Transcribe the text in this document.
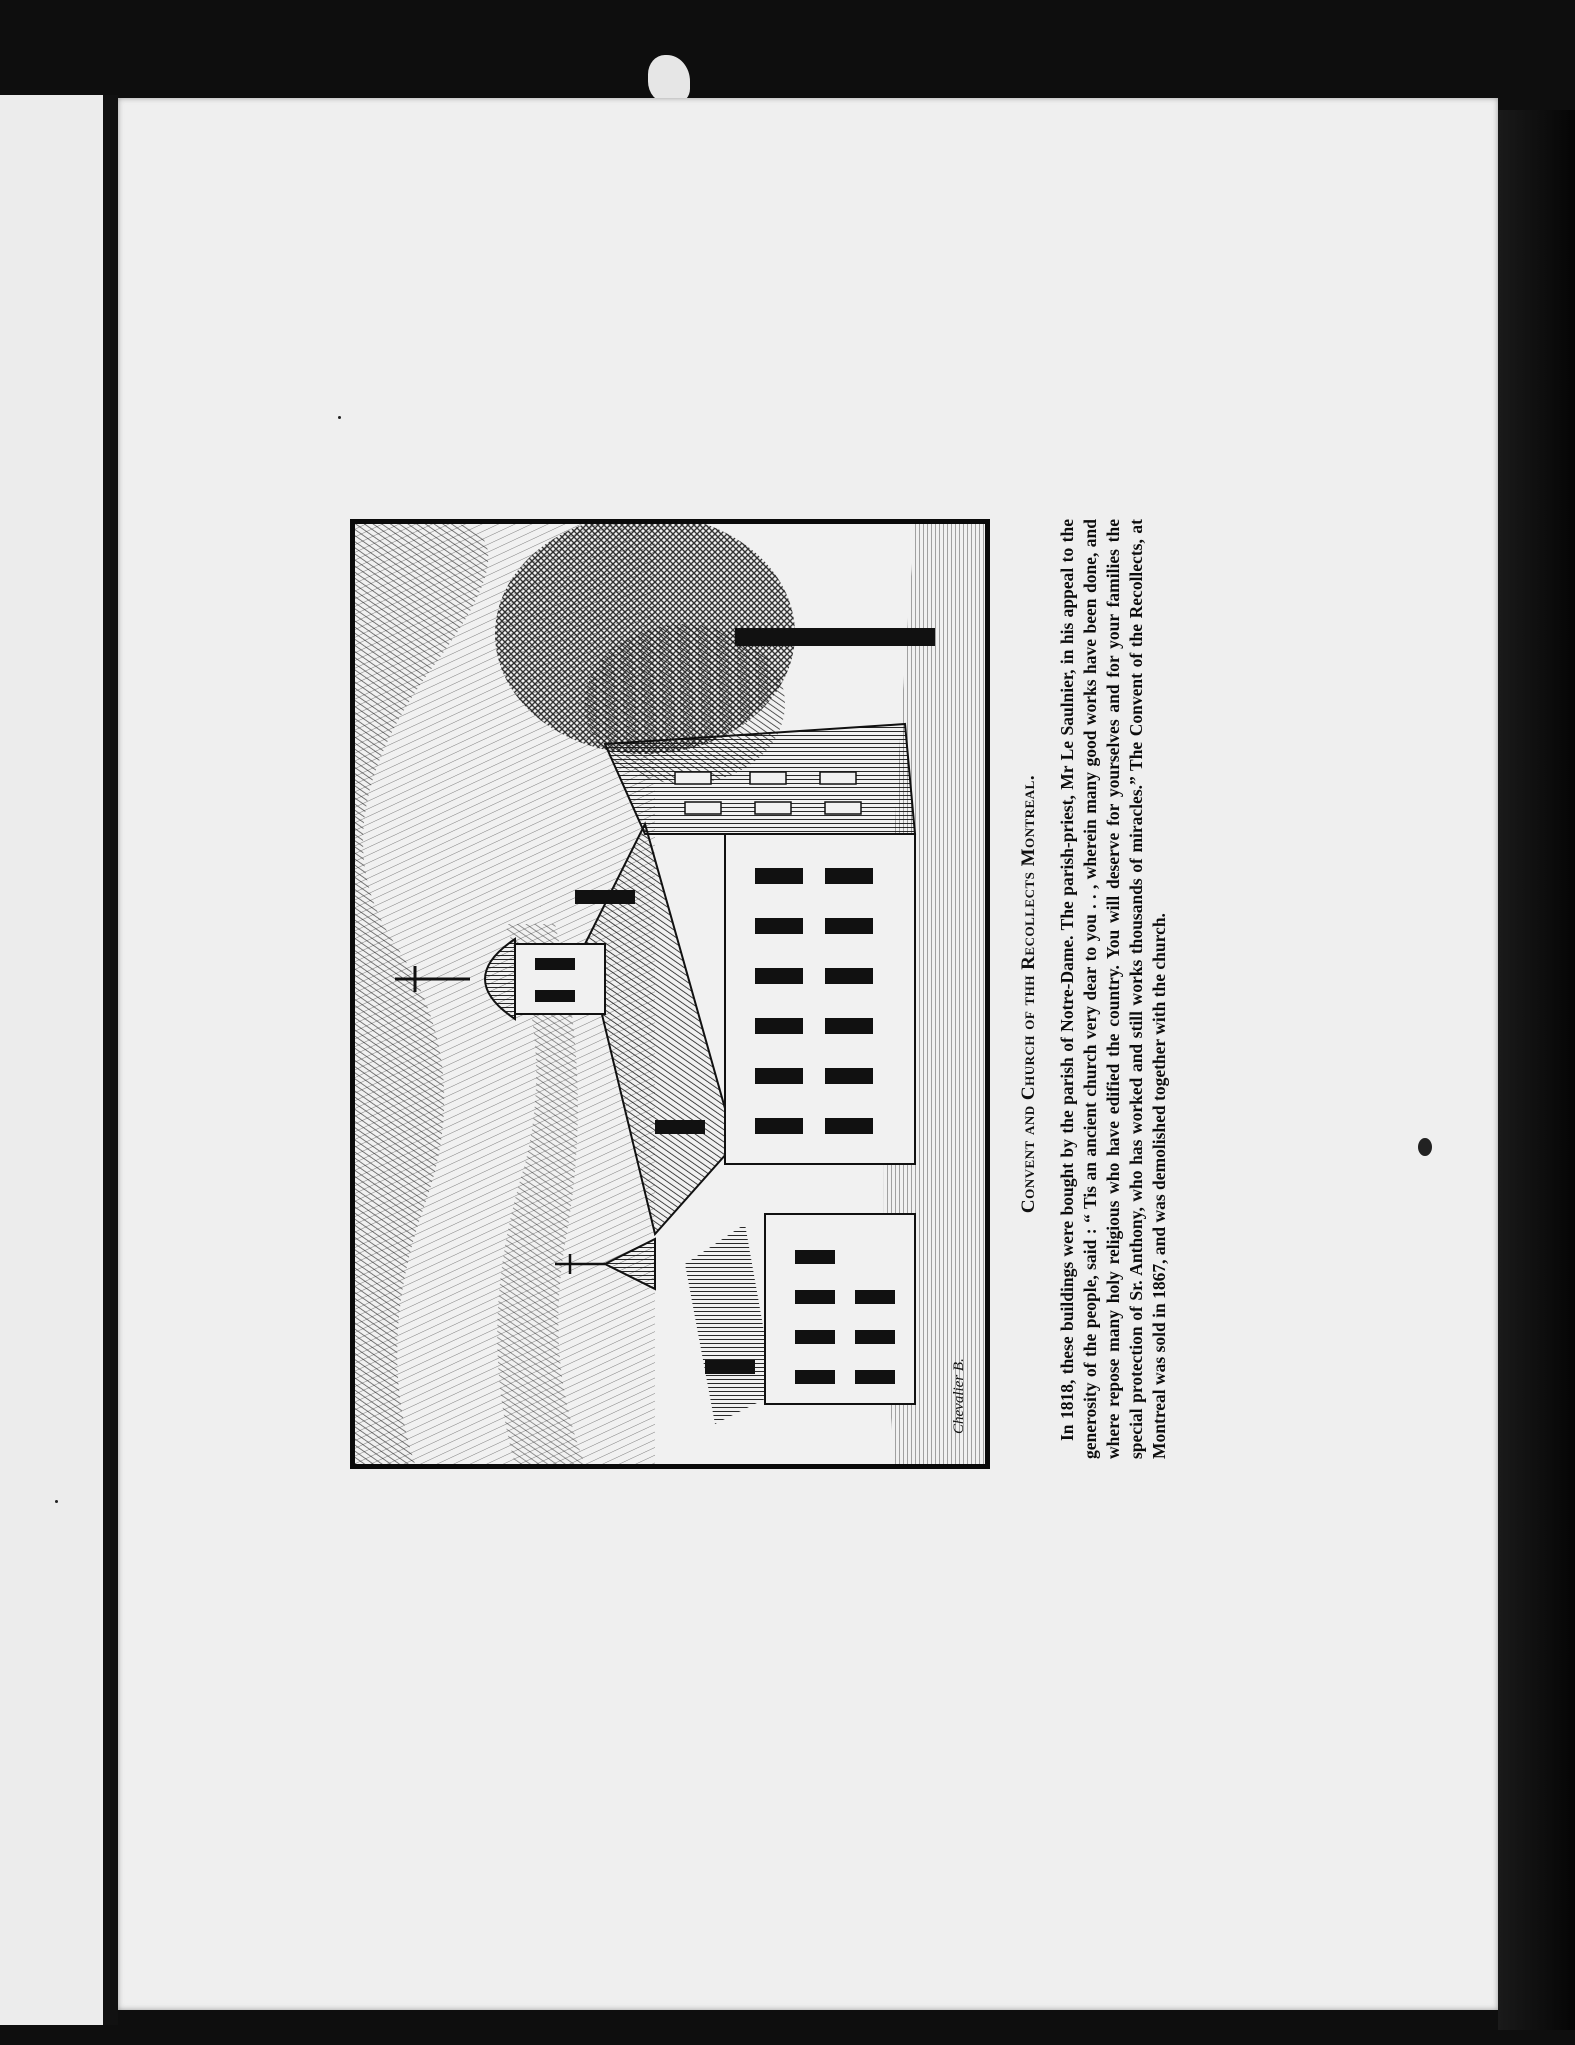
Chevalier B.

Convent and Church of thh Recollects Montreal. In 1818, these buildings were bought by the parish of Notre-Dame. The parish-priest, Mr Le Saulnier, in his appeal to the generosity of the people, said : “ Tis an ancient church very dear to you . . , wherein many good works have been done, and where repose many holy religious who have edified the country. You will deserve for yourselves and for your families the special protection of Sr. Anthony, who has worked and still works thousands of miracles.” The Convent of the Recollects, at Montreal was sold in 1867, and was demolished together with the church.
